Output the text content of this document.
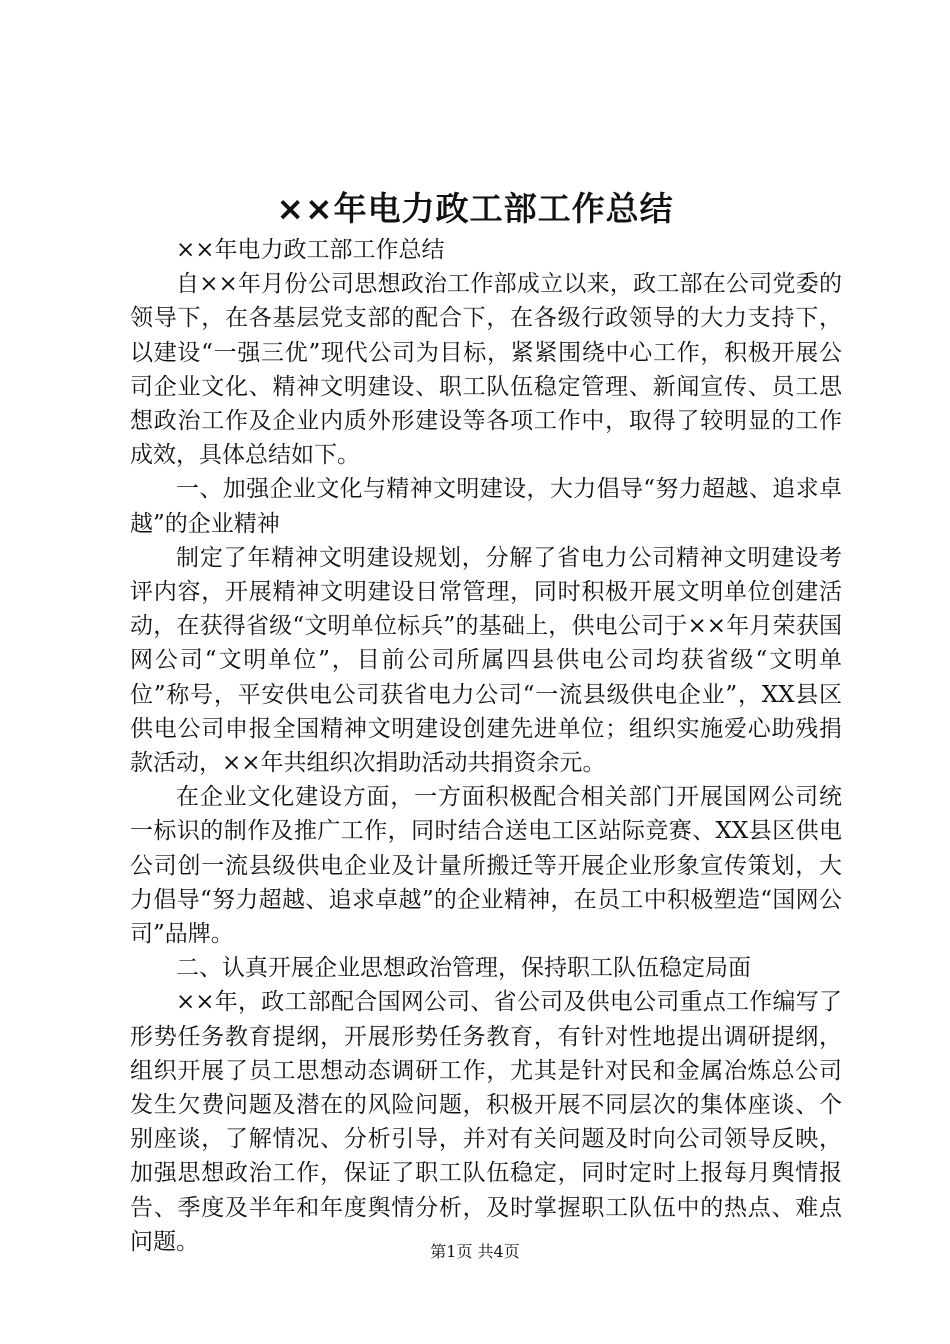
××年电力政工部工作总结

××年电力政工部工作总结

自××年月份公司思想政治工作部成立以来，政工部在公司党委的领导下，在各基层党支部的配合下，在各级行政领导的大力支持下，以建设“一强三优”现代公司为目标，紧紧围绕中心工作，积极开展公司企业文化、精神文明建设、职工队伍稳定管理、新闻宣传、员工思想政治工作及企业内质外形建设等各项工作中，取得了较明显的工作成效，具体总结如下。

一、加强企业文化与精神文明建设，大力倡导“努力超越、追求卓越”的企业精神

制定了年精神文明建设规划，分解了省电力公司精神文明建设考评内容，开展精神文明建设日常管理，同时积极开展文明单位创建活动，在获得省级“文明单位标兵”的基础上，供电公司于××年月荣获国网公司“文明单位”，目前公司所属四县供电公司均获省级“文明单位”称号，平安供电公司获省电力公司“一流县级供电企业”，XX县区供电公司申报全国精神文明建设创建先进单位；组织实施爱心助残捐款活动，××年共组织次捐助活动共捐资余元。

在企业文化建设方面，一方面积极配合相关部门开展国网公司统一标识的制作及推广工作，同时结合送电工区站际竞赛、XX县区供电公司创一流县级供电企业及计量所搬迁等开展企业形象宣传策划，大力倡导“努力超越、追求卓越”的企业精神，在员工中积极塑造“国网公司”品牌。

二、认真开展企业思想政治管理，保持职工队伍稳定局面

××年，政工部配合国网公司、省公司及供电公司重点工作编写了形势任务教育提纲，开展形势任务教育，有针对性地提出调研提纲，组织开展了员工思想动态调研工作，尤其是针对民和金属冶炼总公司发生欠费问题及潜在的风险问题，积极开展不同层次的集体座谈、个别座谈，了解情况、分析引导，并对有关问题及时向公司领导反映，加强思想政治工作，保证了职工队伍稳定，同时定时上报每月舆情报告、季度及半年和年度舆情分析，及时掌握职工队伍中的热点、难点问题。	第1页 共4页
